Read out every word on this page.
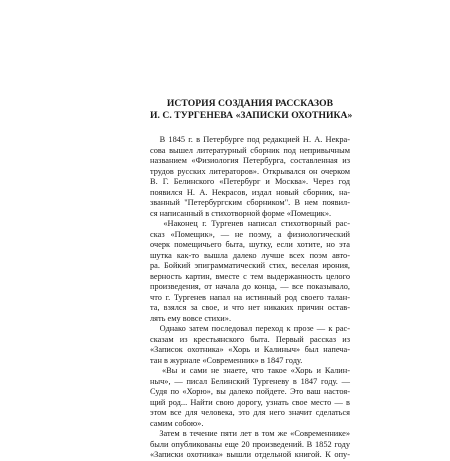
ИСТОРИЯ СОЗДАНИЯ РАССКАЗОВ
И. С. ТУРГЕНЕВА «ЗАПИСКИ ОХОТНИКА»
В 1845 г. в Петербурге под редакцией Н. А. Некра-
сова вышел литературный сборник под непривычным
названием «Физиология Петербурга, составленная из
трудов русских литераторов». Открывался он очерком
В. Г. Белинского «Петербург и Москва». Через год
появился Н. А. Некрасов, издал новый сборник, на-
званный "Петербургским сборником". В нем появил-
ся написанный в стихотворной форме «Помещик».
«Наконец г. Тургенев написал стихотворный рас-
сказ «Помещик», — не поэму, а физиологический
очерк помещичьего быта, шутку, если хотите, но эта
шутка как-то вышла далеко лучше всех поэм авто-
ра. Бойкий эпиграмматический стих, веселая ирония,
верность картин, вместе с тем выдержанность целого
произведения, от начала до конца, — все показывало,
что г. Тургенев напал на истинный род своего талан-
та, взялся за свое, и что нет никаких причин остав-
лять ему вовсе стихи».
Однако затем последовал переход к прозе — к рас-
сказам из крестьянского быта. Первый рассказ из
«Записок охотника» «Хорь и Калиныч» был напеча-
тан в журнале «Современник» в 1847 году.
«Вы и сами не знаете, что такое «Хорь и Калин-
ныч», — писал Белинский Тургеневу в 1847 году. —
Судя по «Хорю», вы далеко пойдете. Это ваш настоя-
щий род... Найти свою дорогу, узнать свое место — в
этом все для человека, это для него значит сделаться
самим собою».
Затем в течение пяти лет в том же «Современнике»
были опубликованы еще 20 произведений. В 1852 году
«Записки охотника» вышли отдельной книгой. К опу-
